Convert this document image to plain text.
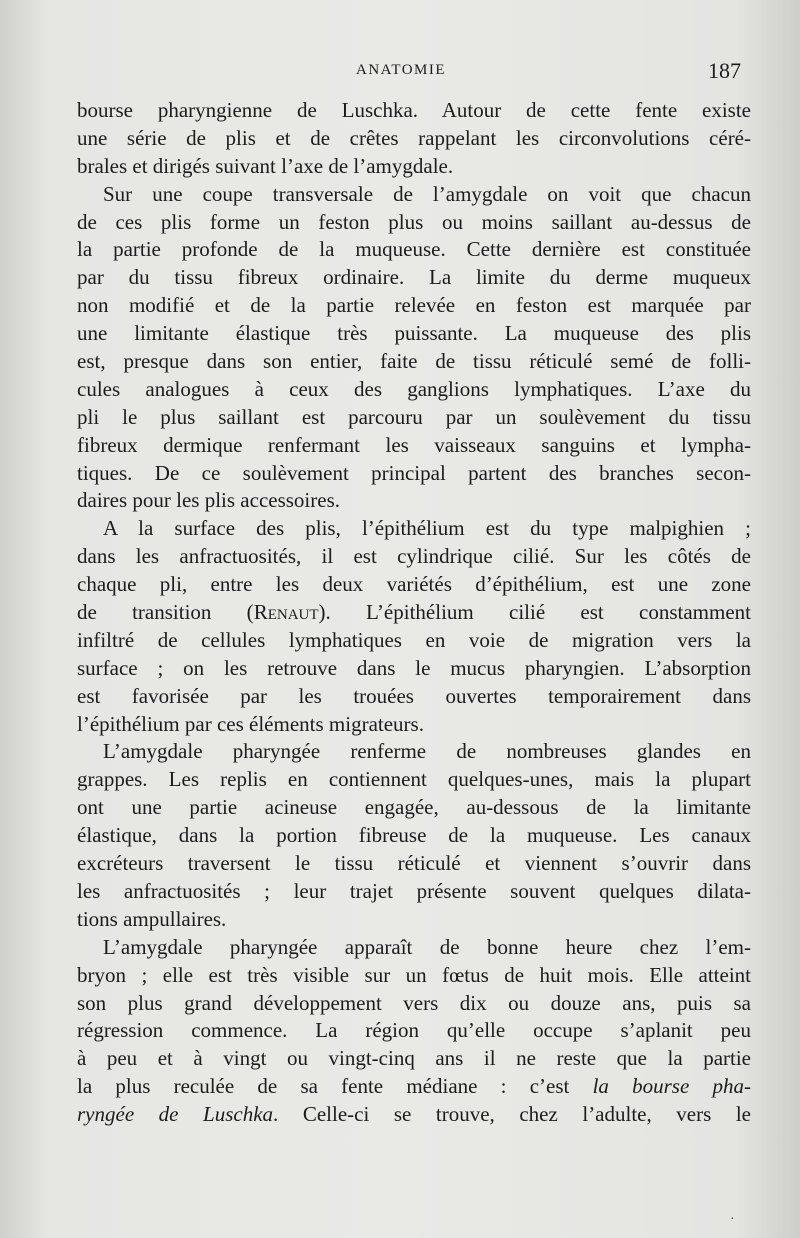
ANATOMIE	187
bourse pharyngienne de Luschka. Autour de cette fente existe
une série de plis et de crêtes rappelant les circonvolutions céré-
brales et dirigés suivant l’axe de l’amygdale.
Sur une coupe transversale de l’amygdale on voit que chacun
de ces plis forme un feston plus ou moins saillant au-dessus de
la partie profonde de la muqueuse. Cette dernière est constituée
par du tissu fibreux ordinaire. La limite du derme muqueux
non modifié et de la partie relevée en feston est marquée par
une limitante élastique très puissante. La muqueuse des plis
est, presque dans son entier, faite de tissu réticulé semé de folli-
cules analogues à ceux des ganglions lymphatiques. L’axe du
pli le plus saillant est parcouru par un soulèvement du tissu
fibreux dermique renfermant les vaisseaux sanguins et lympha-
tiques. De ce soulèvement principal partent des branches secon-
daires pour les plis accessoires.
A la surface des plis, l’épithélium est du type malpighien ;
dans les anfractuosités, il est cylindrique cilié. Sur les côtés de
chaque pli, entre les deux variétés d’épithélium, est une zone
de transition (Renaut). L’épithélium cilié est constamment
infiltré de cellules lymphatiques en voie de migration vers la
surface ; on les retrouve dans le mucus pharyngien. L’absorption
est favorisée par les trouées ouvertes temporairement dans
l’épithélium par ces éléments migrateurs.
L’amygdale pharyngée renferme de nombreuses glandes en
grappes. Les replis en contiennent quelques-unes, mais la plupart
ont une partie acineuse engagée, au-dessous de la limitante
élastique, dans la portion fibreuse de la muqueuse. Les canaux
excréteurs traversent le tissu réticulé et viennent s’ouvrir dans
les anfractuosités ; leur trajet présente souvent quelques dilata-
tions ampullaires.
L’amygdale pharyngée apparaît de bonne heure chez l’em-
bryon ; elle est très visible sur un fœtus de huit mois. Elle atteint
son plus grand développement vers dix ou douze ans, puis sa
régression commence. La région qu’elle occupe s’aplanit peu
à peu et à vingt ou vingt-cinq ans il ne reste que la partie
la plus reculée de sa fente médiane : c’est la bourse pha-
ryngée de Luschka. Celle-ci se trouve, chez l’adulte, vers le
·
